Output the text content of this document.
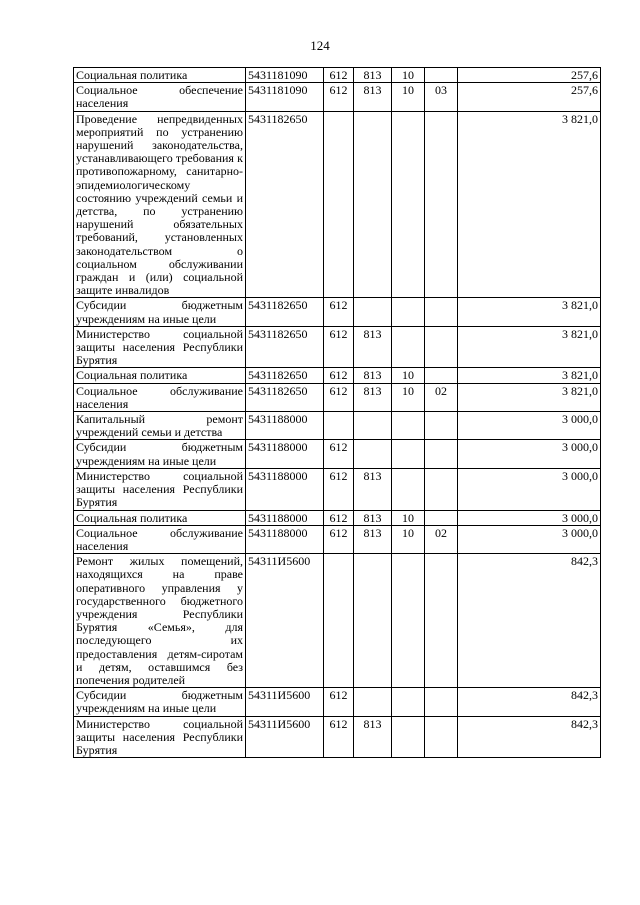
124
Социальная политика	5431181090	612	813	10		257,6
Социальное обеспечение населения	5431181090	612	813	10	03	257,6
Проведение непредвиденных мероприятий по устранению нарушений законодательства, устанавливающего требования к противопожарному, санитарно-эпидемиологическому состоянию учреждений семьи и детства, по устранению нарушений обязательных требований, установленных законодательством о социальном обслуживании граждан и (или) социальной защите инвалидов	5431182650					3 821,0
Субсидии бюджетным учреждениям на иные цели	5431182650	612				3 821,0
Министерство социальной защиты населения Республики Бурятия	5431182650	612	813			3 821,0
Социальная политика	5431182650	612	813	10		3 821,0
Социальное обслуживание населения	5431182650	612	813	10	02	3 821,0
Капитальный ремонт учреждений семьи и детства	5431188000					3 000,0
Субсидии бюджетным учреждениям на иные цели	5431188000	612				3 000,0
Министерство социальной защиты населения Республики Бурятия	5431188000	612	813			3 000,0
Социальная политика	5431188000	612	813	10		3 000,0
Социальное обслуживание населения	5431188000	612	813	10	02	3 000,0
Ремонт жилых помещений, находящихся на праве оперативного управления у государственного бюджетного учреждения Республики Бурятия «Семья», для последующего их предоставления детям-сиротам и детям, оставшимся без попечения родителей	54311И5600					842,3
Субсидии бюджетным учреждениям на иные цели	54311И5600	612				842,3
Министерство социальной защиты населения Республики Бурятия	54311И5600	612	813			842,3
